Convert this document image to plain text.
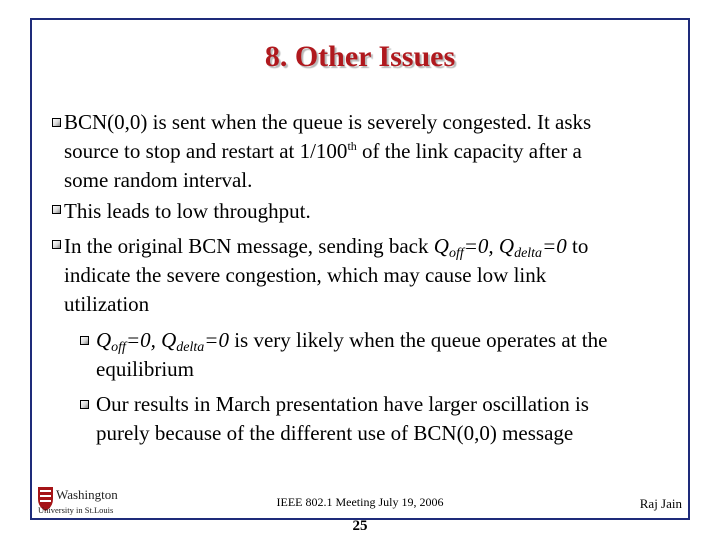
8. Other Issues
BCN(0,0) is sent when the queue is severely congested. It asks
source to stop and restart at 1/100th of the link capacity after a
some random interval.
This leads to low throughput.
In the original BCN message, sending back $Q_{off}=0$, $Q_{delta}=0$ to
indicate the severe congestion, which may cause low link
utilization
$Q_{off}=0$, $Q_{delta}=0$ is very likely when the queue operates at the
equilibrium
Our results in March presentation have larger oscillation is
purely because of the different use of BCN(0,0) message
Washington
University in St.Louis
IEEE 802.1 Meeting July 19, 2006	Raj Jain
25
